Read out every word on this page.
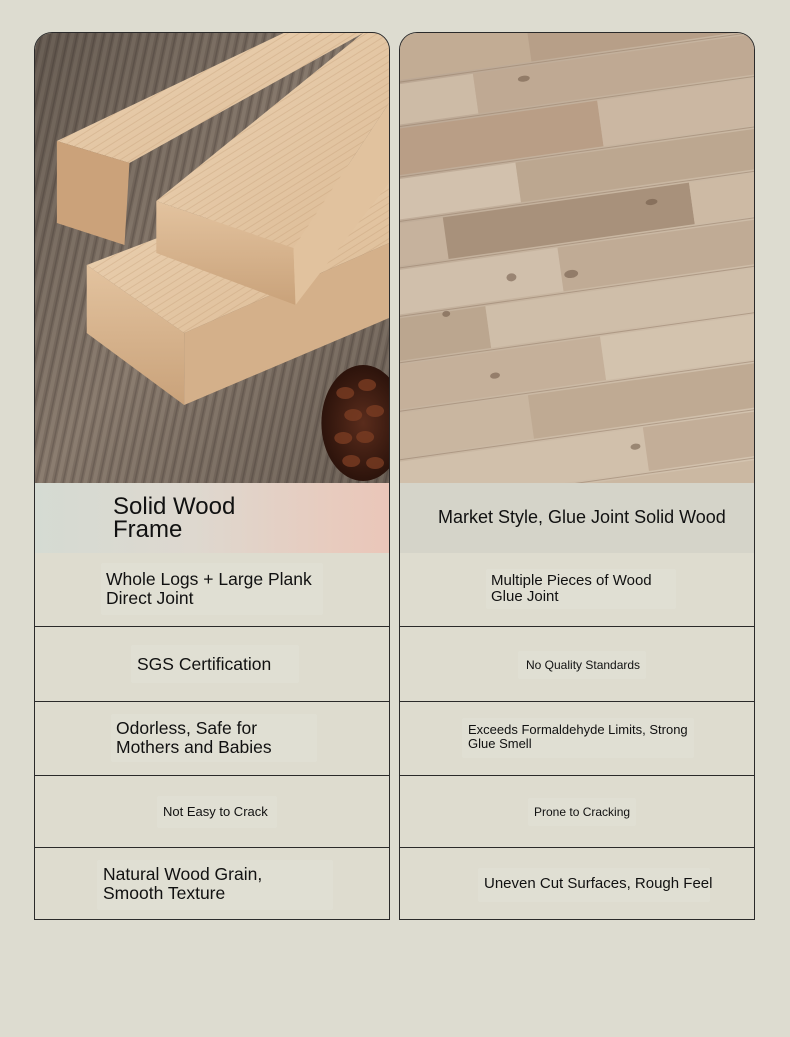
Solid Wood
Frame
Whole Logs + Large Plank
Direct Joint
SGS Certification
Odorless, Safe for
Mothers and Babies
Not Easy to Crack
Natural Wood Grain,
Smooth Texture
Market Style, Glue Joint Solid Wood
Multiple Pieces of Wood
Glue Joint
No Quality Standards
Exceeds Formaldehyde Limits, Strong
Glue Smell
Prone to Cracking
Uneven Cut Surfaces, Rough Feel
